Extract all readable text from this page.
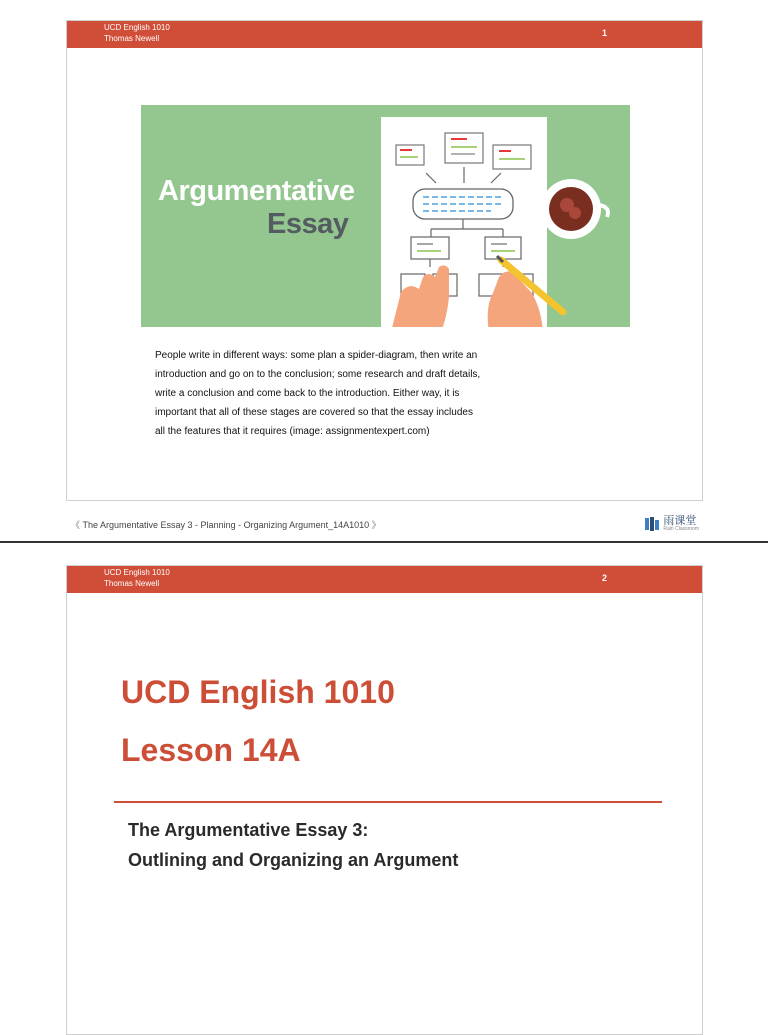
UCD English 1010
Thomas Newell
1
Argumentative
Essay
People write in different ways: some plan a spider-diagram, then write an introduction and go on to the conclusion; some research and draft details, write a conclusion and come back to the introduction. Either way, it is important that all of these stages are covered so that the essay includes all the features that it requires (image: assignmentexpert.com)
《 The Argumentative Essay 3 - Planning - Organizing Argument_14A1010 》	雨课堂
Rain Classroom
UCD English 1010
Thomas Newell
2
UCD English 1010
Lesson 14A
The Argumentative Essay 3:
Outlining and Organizing an Argument
